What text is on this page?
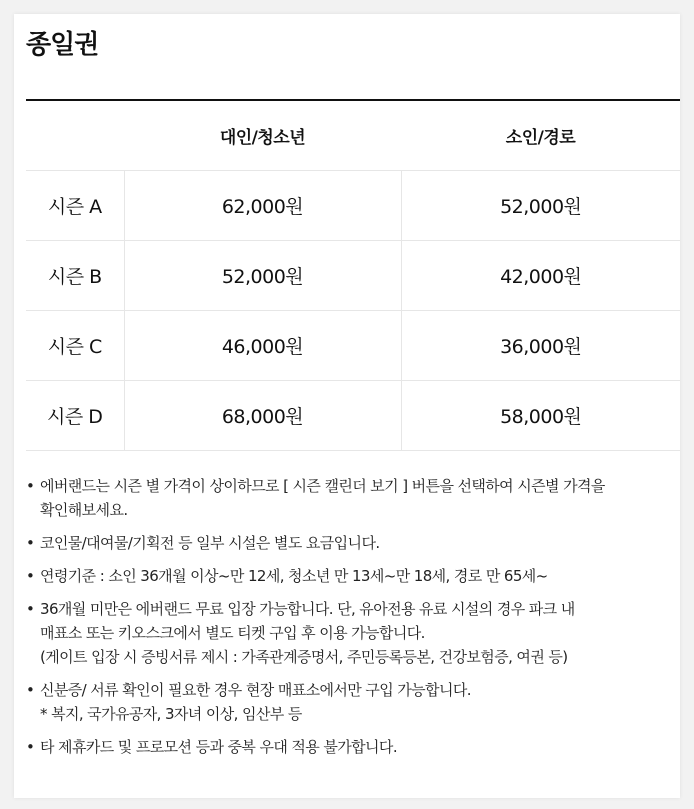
종일권
	대인/청소년	소인/경로
시즌 A	62,000원	52,000원
시즌 B	52,000원	42,000원
시즌 C	46,000원	36,000원
시즌 D	68,000원	58,000원
• 에버랜드는 시즌 별 가격이 상이하므로 [ 시즌 캘린더 보기 ] 버튼을 선택하여 시즌별 가격을
확인해보세요.
• 코인물/대여물/기획전 등 일부 시설은 별도 요금입니다.
• 연령기준 : 소인 36개월 이상~만 12세, 청소년 만 13세~만 18세, 경로 만 65세~
• 36개월 미만은 에버랜드 무료 입장 가능합니다. 단, 유아전용 유료 시설의 경우 파크 내
매표소 또는 키오스크에서 별도 티켓 구입 후 이용 가능합니다.
(게이트 입장 시 증빙서류 제시 : 가족관계증명서, 주민등록등본, 건강보험증, 여권 등)
• 신분증/ 서류 확인이 필요한 경우 현장 매표소에서만 구입 가능합니다.
* 복지, 국가유공자, 3자녀 이상, 임산부 등
• 타 제휴카드 및 프로모션 등과 중복 우대 적용 불가합니다.
